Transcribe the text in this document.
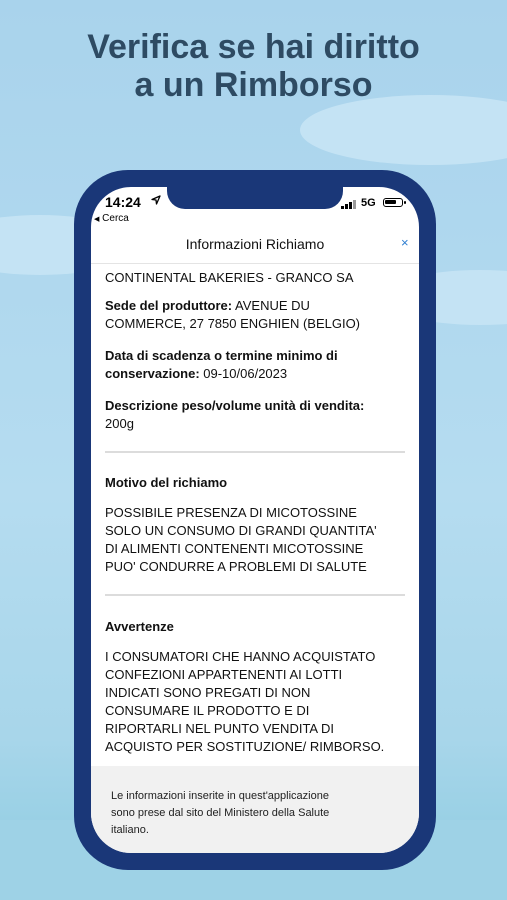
Verifica se hai diritto
a un Rimborso
14:24
◀ Cerca
5G
Informazioni Richiamo	×

CONTINENTAL BAKERIES - GRANCO SA

Sede del produttore: AVENUE DU
COMMERCE, 27 7850 ENGHIEN (BELGIO)

Data di scadenza o termine minimo di
conservazione: 09-10/06/2023

Descrizione peso/volume unità di vendita:
200g

Motivo del richiamo

POSSIBILE PRESENZA DI MICOTOSSINE

SOLO UN CONSUMO DI GRANDI QUANTITA'

DI ALIMENTI CONTENENTI MICOTOSSINE

PUO' CONDURRE A PROBLEMI DI SALUTE

Avvertenze

I CONSUMATORI CHE HANNO ACQUISTATO

CONFEZIONI APPARTENENTI AI LOTTI

INDICATI SONO PREGATI DI NON

CONSUMARE IL PRODOTTO E DI

RIPORTARLI NEL PUNTO VENDITA DI

ACQUISTO PER SOSTITUZIONE/ RIMBORSO.

Le informazioni inserite in quest'applicazione
sono prese dal sito del Ministero della Salute
italiano.
